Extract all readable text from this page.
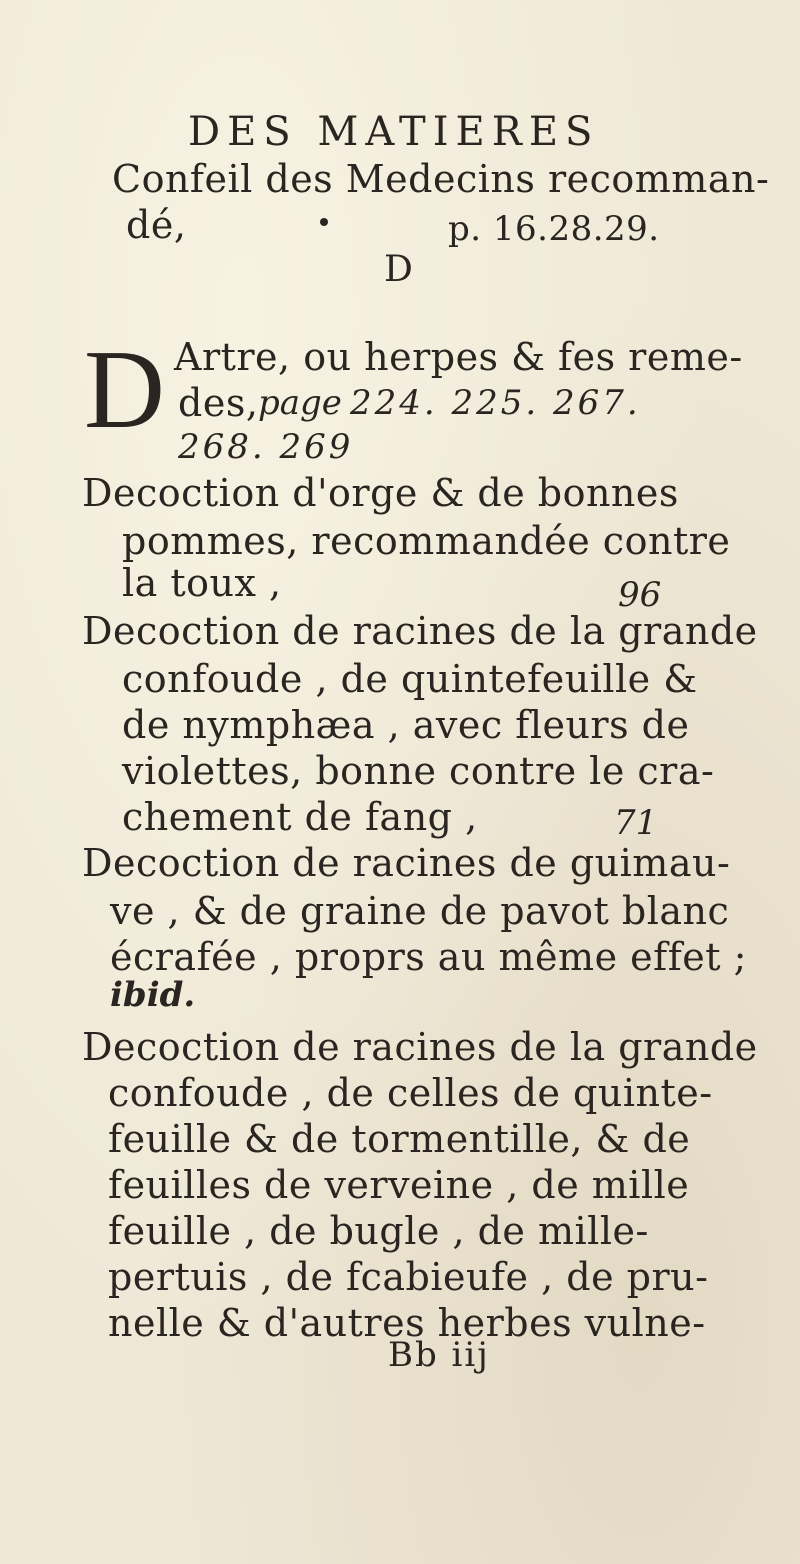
DES MATIERES
Confeil des Medecins recomman-
dé,	p. 16.28.29.
D
D Artre, ou herpes & fes reme-
des, page 224. 225. 267.
268. 269
Decoction d'orge & de bonnes
pommes, recommandée contre
la toux ,	96
Decoction de racines de la grande
confoude , de quintefeuille &
de nymphæa , avec fleurs de
violettes, bonne contre le cra-
chement de fang ,	71
Decoction de racines de guimau-
ve , & de graine de pavot blanc
écrafée , proprs au même effet ;
ibid.
Decoction de racines de la grande
confoude , de celles de quinte-
feuille & de tormentille, & de
feuilles de verveine , de mille
feuille , de bugle , de mille-
pertuis , de fcabieufe , de pru-
nelle & d'autres herbes vulne-
Bb iij
